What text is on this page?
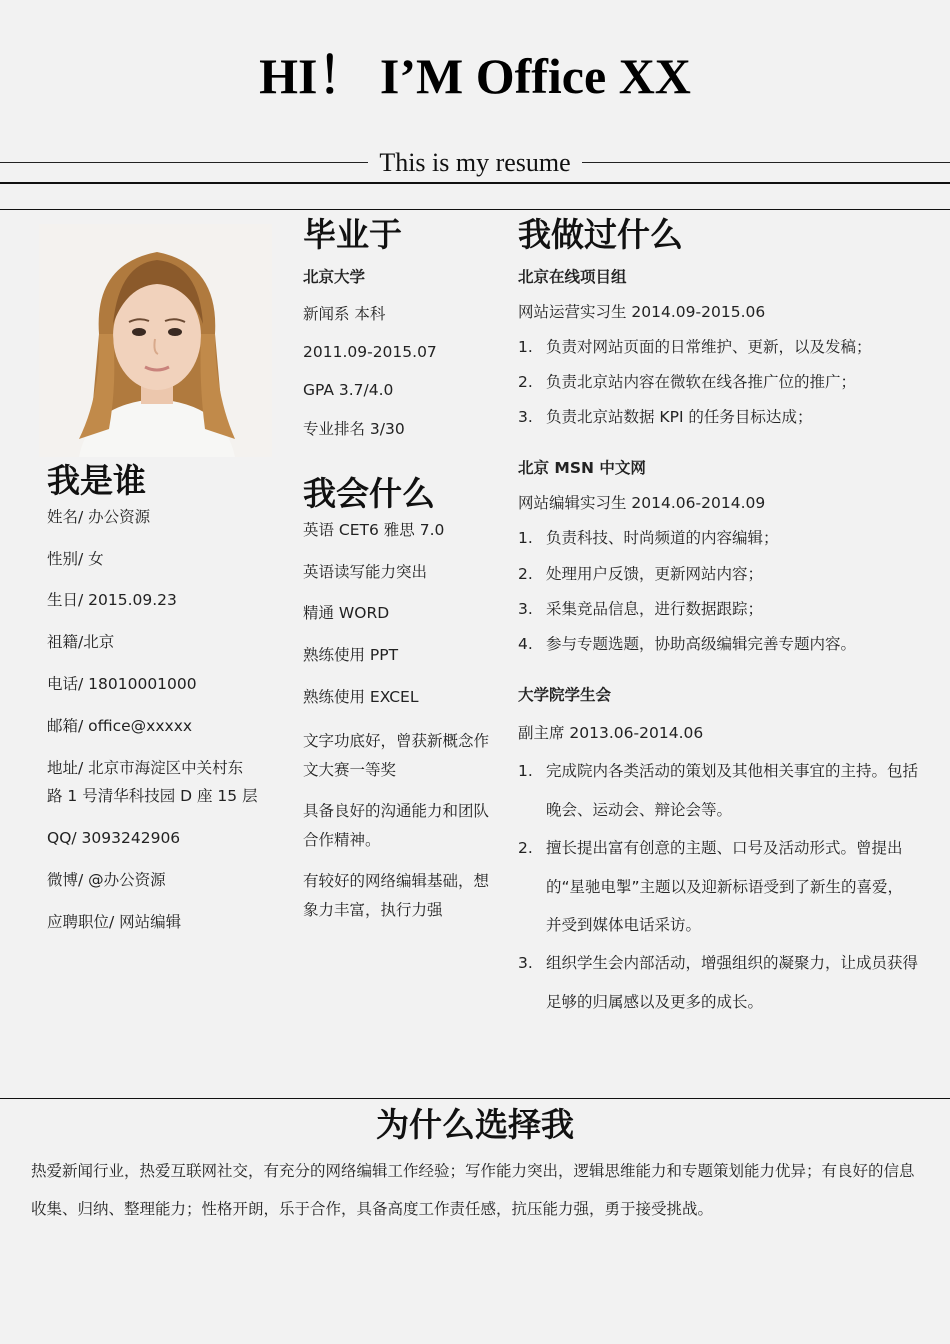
HI！ I’M Office XX
This is my resume
我是谁
姓名/ 办公资源
性别/ 女
生日/ 2015.09.23
祖籍/北京
电话/ 18010001000
邮箱/ office@xxxxx
地址/ 北京市海淀区中关村东
路 1 号清华科技园 D 座 15 层
QQ/ 3093242906
微博/ @办公资源
应聘职位/ 网站编辑
毕业于
北京大学
新闻系 本科
2011.09-2015.07
GPA 3.7/4.0
专业排名 3/30
我会什么
英语 CET6 雅思 7.0
英语读写能力突出
精通 WORD
熟练使用 PPT
熟练使用 EXCEL
文字功底好，曾获新概念作文大赛一等奖
具备良好的沟通能力和团队合作精神。
有较好的网络编辑基础，想象力丰富，执行力强
我做过什么
北京在线项目组
网站运营实习生 2014.09-2015.06
1. 负责对网站页面的日常维护、更新，以及发稿；
2. 负责北京站内容在微软在线各推广位的推广；
3. 负责北京站数据 KPI 的任务目标达成；
北京 MSN 中文网
网站编辑实习生 2014.06-2014.09
1. 负责科技、时尚频道的内容编辑；
2. 处理用户反馈，更新网站内容；
3. 采集竞品信息，进行数据跟踪；
4. 参与专题选题，协助高级编辑完善专题内容。
大学院学生会
副主席 2013.06-2014.06
1. 完成院内各类活动的策划及其他相关事宜的主持。包括晚会、运动会、辩论会等。
2. 擅长提出富有创意的主题、口号及活动形式。曾提出的“星驰电掣”主题以及迎新标语受到了新生的喜爱，并受到媒体电话采访。
3. 组织学生会内部活动，增强组织的凝聚力，让成员获得足够的归属感以及更多的成长。
为什么选择我
热爱新闻行业，热爱互联网社交，有充分的网络编辑工作经验；写作能力突出，逻辑思维能力和专题策划能力优异；有良好的信息收集、归纳、整理能力；性格开朗，乐于合作，具备高度工作责任感，抗压能力强，勇于接受挑战。
